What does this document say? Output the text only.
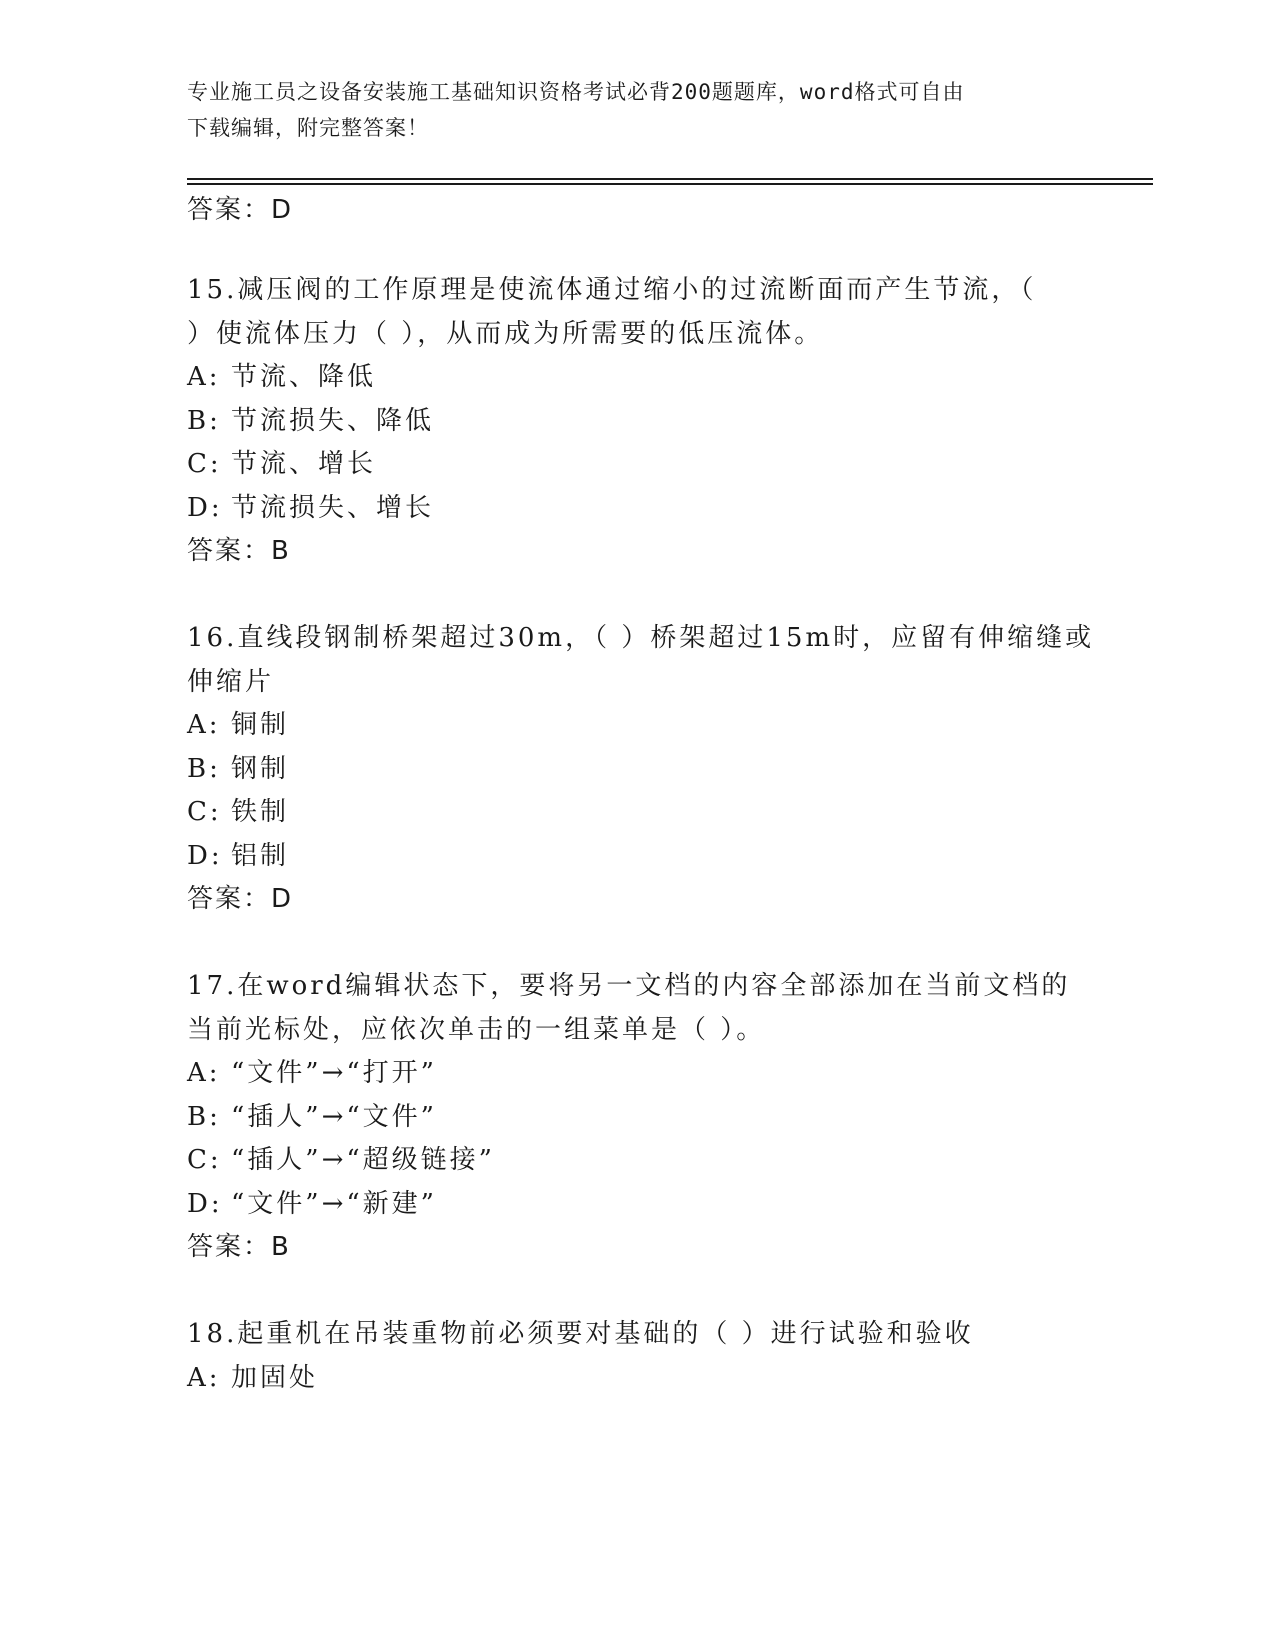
专业施工员之设备安装施工基础知识资格考试必背200题题库，word格式可自由
下载编辑，附完整答案！
答案：D
15.减压阀的工作原理是使流体通过缩小的过流断面而产生节流，（
）使流体压力（ ），从而成为所需要的低压流体。
A: 节流、降低
B: 节流损失、降低
C: 节流、增长
D: 节流损失、增长
答案：B
16.直线段钢制桥架超过30m，（ ）桥架超过15m时，应留有伸缩缝或
伸缩片
A: 铜制
B: 钢制
C: 铁制
D: 铝制
答案：D
17.在word编辑状态下，要将另一文档的内容全部添加在当前文档的
当前光标处，应依次单击的一组菜单是（ ）。
A: “文件”→“打开”
B: “插人”→“文件”
C: “插人”→“超级链接”
D: “文件”→“新建”
答案：B
18.起重机在吊装重物前必须要对基础的（ ）进行试验和验收
A: 加固处
